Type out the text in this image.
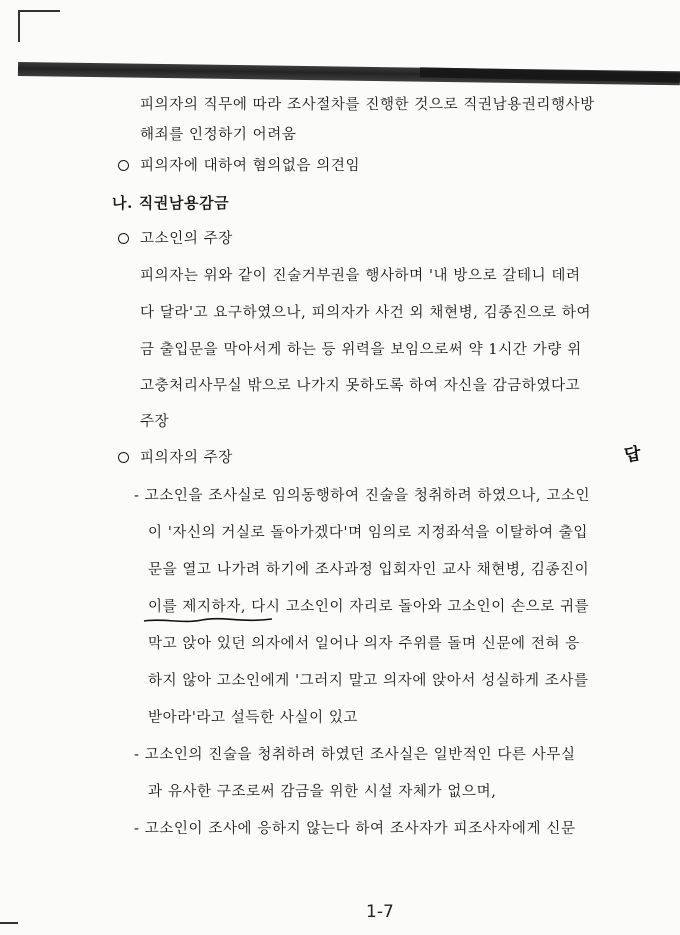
피의자의 직무에 따라 조사절차를 진행한 것으로 직권남용권리행사방
해죄를 인정하기 어려움
피의자에 대하여 혐의없음 의견임
나. 직권남용감금
고소인의 주장
피의자는 위와 같이 진술거부권을 행사하며 '내 방으로 갈테니 데려
다 달라'고 요구하였으나, 피의자가 사건 외 채현병, 김종진으로 하여
금 출입문을 막아서게 하는 등 위력을 보임으로써 약 1시간 가량 위
고충처리사무실 밖으로 나가지 못하도록 하여 자신을 감금하였다고
주장
피의자의 주장
- 고소인을 조사실로 임의동행하여 진술을 청취하려 하였으나, 고소인
이 '자신의 거실로 돌아가겠다'며 임의로 지정좌석을 이탈하여 출입
문을 열고 나가려 하기에 조사과정 입회자인 교사 채현병, 김종진이
이를 제지하자, 다시 고소인이 자리로 돌아와 고소인이 손으로 귀를
막고 앉아 있던 의자에서 일어나 의자 주위를 돌며 신문에 전혀 응
하지 않아 고소인에게 '그러지 말고 의자에 앉아서 성실하게 조사를
받아라'라고 설득한 사실이 있고
- 고소인의 진술을 청취하려 하였던 조사실은 일반적인 다른 사무실
과 유사한 구조로써 감금을 위한 시설 자체가 없으며,
- 고소인이 조사에 응하지 않는다 하여 조사자가 피조사자에게 신문
답
1-7
